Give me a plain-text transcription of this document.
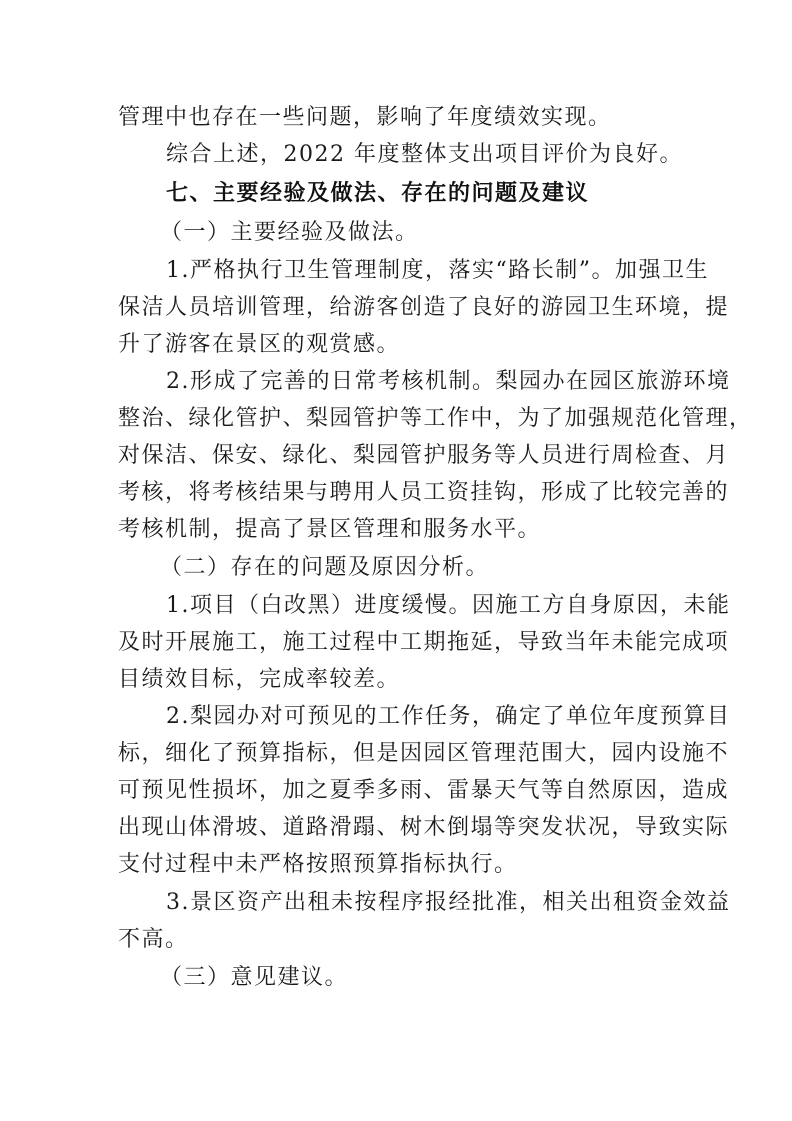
管理中也存在一些问题，影响了年度绩效实现。
综合上述，2022 年度整体支出项目评价为良好。
七、主要经验及做法、存在的问题及建议
（一）主要经验及做法。
1.严格执行卫生管理制度，落实“路长制”。加强卫生
保洁人员培训管理，给游客创造了良好的游园卫生环境，提
升了游客在景区的观赏感。
2.形成了完善的日常考核机制。梨园办在园区旅游环境
整治、绿化管护、梨园管护等工作中，为了加强规范化管理，
对保洁、保安、绿化、梨园管护服务等人员进行周检查、月
考核，将考核结果与聘用人员工资挂钩，形成了比较完善的
考核机制，提高了景区管理和服务水平。
（二）存在的问题及原因分析。
1.项目（白改黑）进度缓慢。因施工方自身原因，未能
及时开展施工，施工过程中工期拖延，导致当年未能完成项
目绩效目标，完成率较差。
2.梨园办对可预见的工作任务，确定了单位年度预算目
标，细化了预算指标，但是因园区管理范围大，园内设施不
可预见性损坏，加之夏季多雨、雷暴天气等自然原因，造成
出现山体滑坡、道路滑蹋、树木倒塌等突发状况，导致实际
支付过程中未严格按照预算指标执行。
3.景区资产出租未按程序报经批准，相关出租资金效益
不高。
（三）意见建议。
